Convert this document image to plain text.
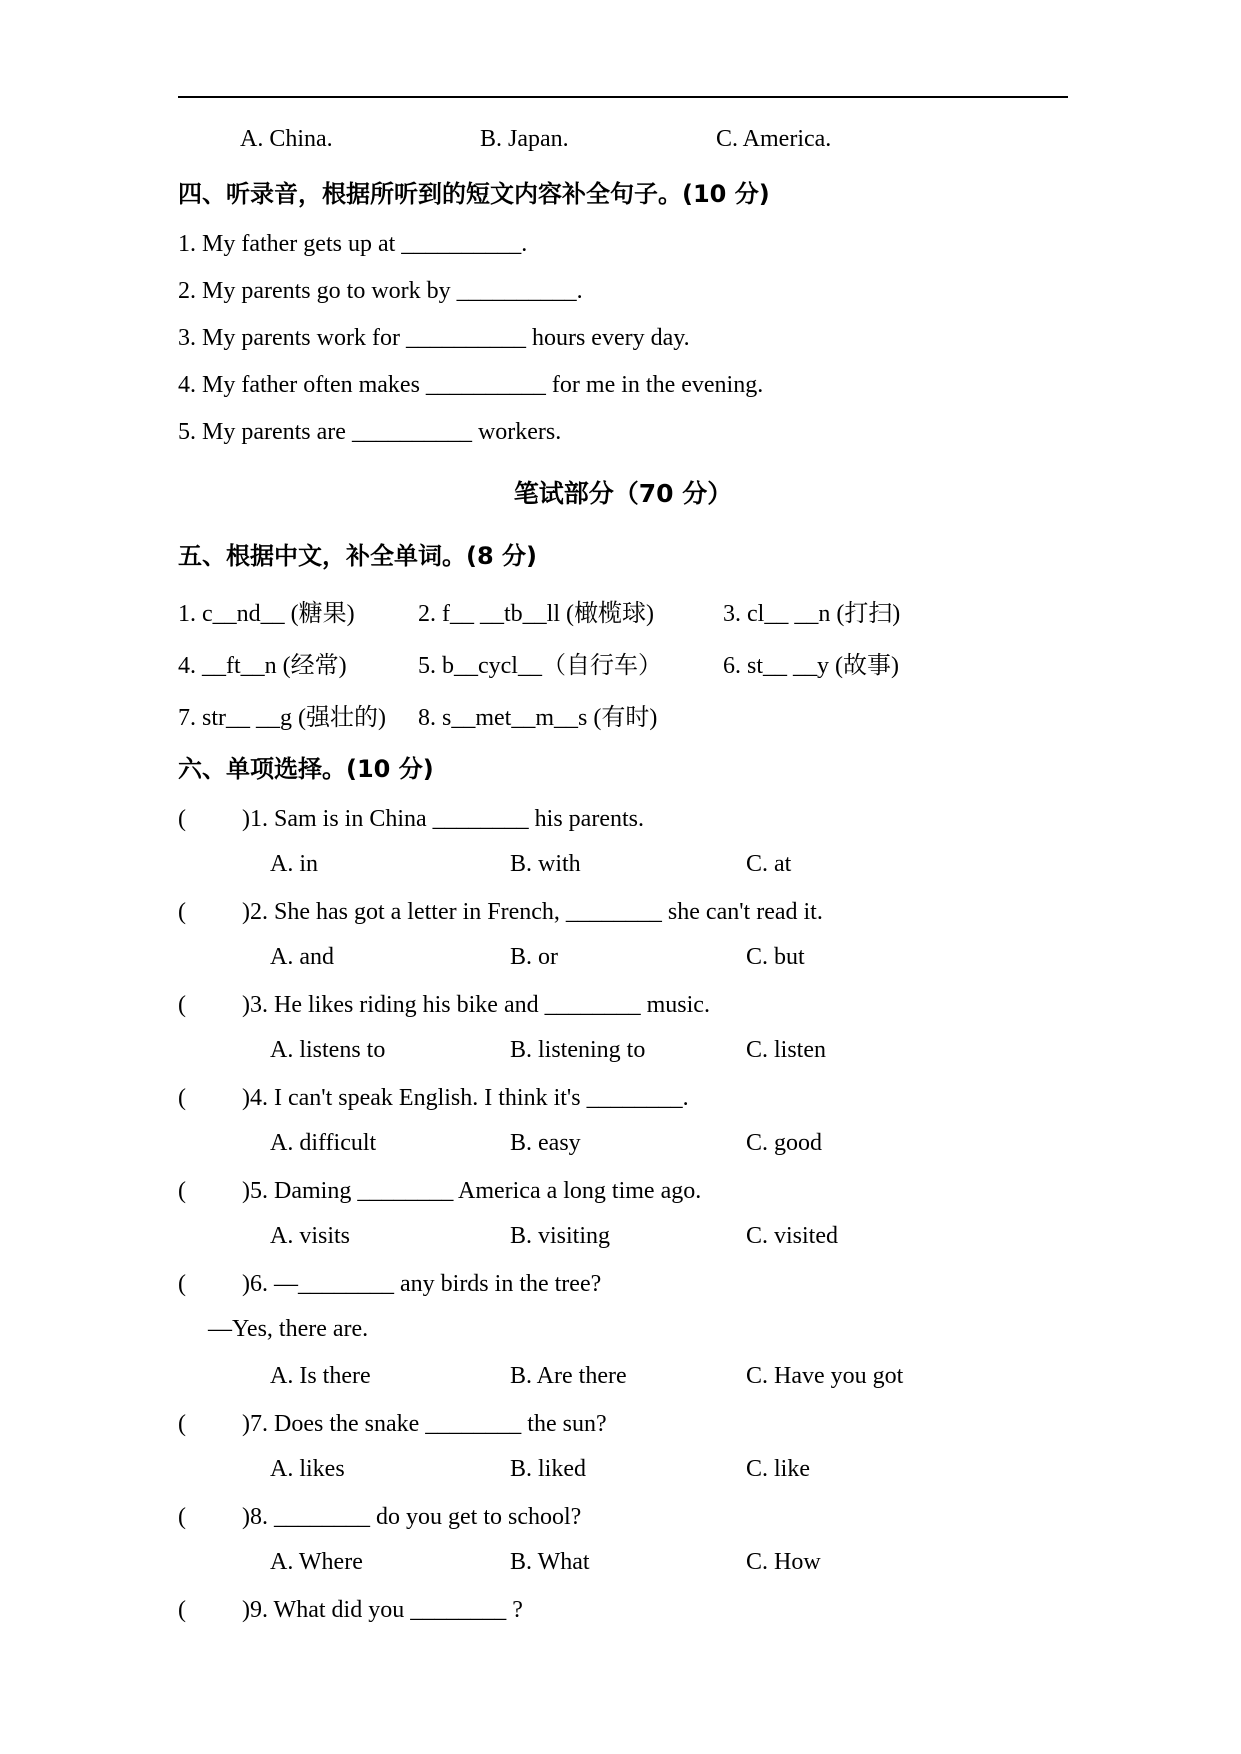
A. China.	B. Japan.	C. America.
四、听录音，根据所听到的短文内容补全句子。(10 分)
1. My father gets up at __________.
2. My parents go to work by __________.
3. My parents work for __________ hours every day.
4. My father often makes __________ for me in the evening.
5. My parents are __________ workers.
笔试部分（70 分）
五、根据中文，补全单词。(8 分)
1. c__nd__ (糖果)	2. f__ __tb__ll (橄榄球)	3. cl__ __n (打扫)
4. __ft__n (经常)	5. b__cycl__（自行车）	6. st__ __y (故事)
7. str__ __g (强壮的) 8. s__met__m__s (有时)
六、单项选择。(10 分)
( )1. Sam is in China ________ his parents.
A. in	B. with	C. at
( )2. She has got a letter in French, ________ she can't read it.
A. and	B. or	C. but
( )3. He likes riding his bike and ________ music.
A. listens to	B. listening to	C. listen
( )4. I can't speak English. I think it's ________.
A. difficult	B. easy	C. good
( )5. Daming ________ America a long time ago.
A. visits	B. visiting	C. visited
( )6. —________ any birds in the tree?
—Yes, there are.
A. Is there	B. Are there	C. Have you got
( )7. Does the snake ________ the sun?
A. likes	B. liked	C. like
( )8. ________ do you get to school?
A. Where	B. What	C. How
( )9. What did you ________ ?
